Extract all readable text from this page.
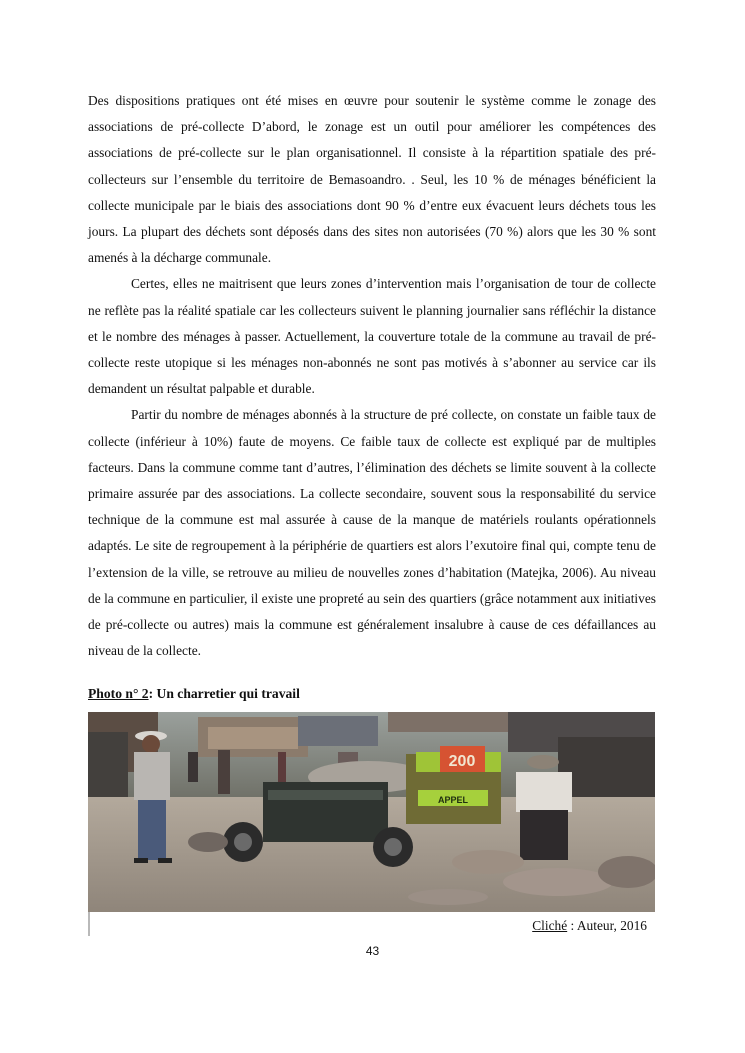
Des dispositions pratiques ont été mises en œuvre pour soutenir le système comme le zonage des associations de pré-collecte D’abord, le zonage est un outil pour améliorer les compétences des associations de pré-collecte sur le plan organisationnel. Il consiste à la répartition spatiale des pré-collecteurs sur l’ensemble du territoire de Bemasoandro. . Seul, les 10 % de ménages bénéficient la collecte municipale par le biais des associations dont 90 % d’entre eux évacuent leurs déchets tous les jours. La plupart des déchets sont déposés dans des sites non autorisées (70 %) alors que les 30 % sont amenés à la décharge communale.

Certes, elles ne maitrisent que leurs zones d’intervention mais l’organisation de tour de collecte ne reflète pas la réalité spatiale car les collecteurs suivent le planning journalier sans réfléchir la distance et le nombre des ménages à passer. Actuellement, la couverture totale de la commune au travail de pré-collecte reste utopique si les ménages non-abonnés ne sont pas motivés à s’abonner au service car ils demandent un résultat palpable et durable.

Partir du nombre de ménages abonnés à la structure de pré collecte, on constate un faible taux de collecte (inférieur à 10%) faute de moyens. Ce faible taux de collecte est expliqué par de multiples facteurs. Dans la commune comme tant d’autres, l’élimination des déchets se limite souvent à la collecte primaire assurée par des associations. La collecte secondaire, souvent sous la responsabilité du service technique de la commune est mal assurée à cause de la manque de matériels roulants opérationnels adaptés. Le site de regroupement à la périphérie de quartiers est alors l’exutoire final qui, compte tenu de l’extension de la ville, se retrouve au milieu de nouvelles zones d’habitation (Matejka, 2006). Au niveau de la commune en particulier, il existe une propreté au sein des quartiers (grâce notamment aux initiatives de pré-collecte ou autres) mais la commune est généralement insalubre à cause de ces défaillances au niveau de la collecte.

Photo n° 2: Un charretier qui travail
200
APPEL
Cliché : Auteur, 2016
43
